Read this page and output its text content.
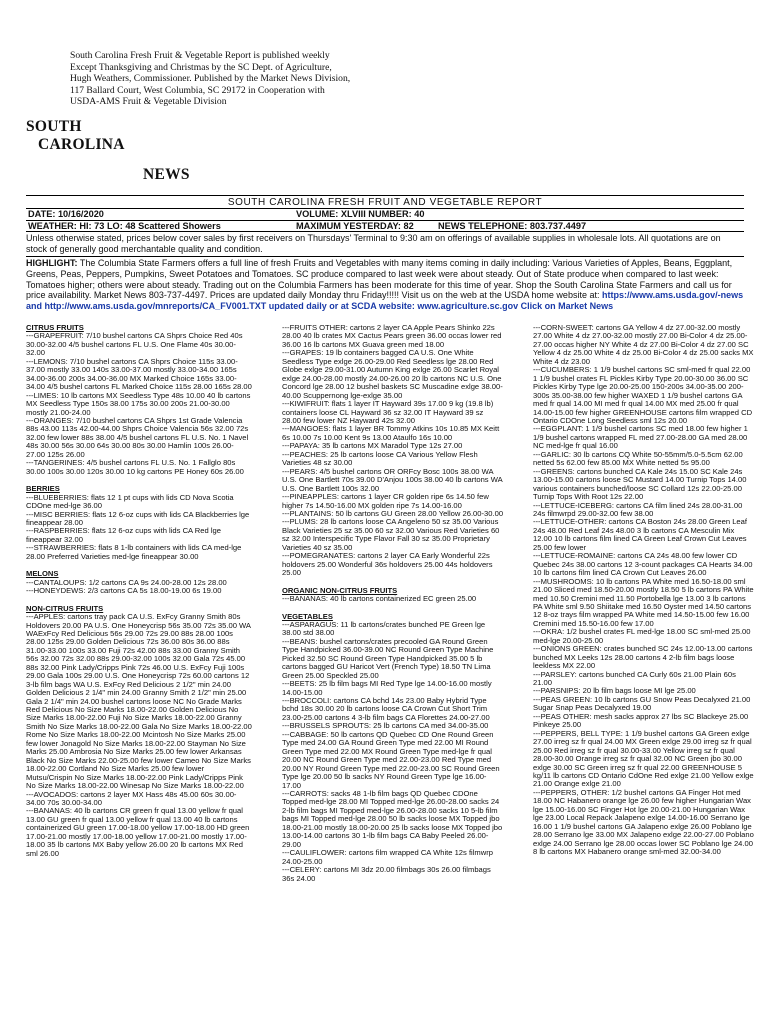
South Carolina Fresh Fruit & Vegetable Report is published weekly
Except Thanksgiving and Christmas by the SC Dept. of Agriculture,
Hugh Weathers, Commissioner. Published by the Market News Division,
117 Ballard Court, West Columbia, SC 29172 in Cooperation with
USDA-AMS Fruit & Vegetable Division
SOUTH
CAROLINA
NEWS
SOUTH CAROLINA FRESH FRUIT AND VEGETABLE REPORT
DATE: 10/16/2020	VOLUME: XLVIII NUMBER: 40
WEATHER: HI: 73 LO: 48 Scattered Showers	MAXIMUM YESTERDAY: 82	NEWS TELEPHONE: 803.737.4497
Unless otherwise stated, prices below cover sales by first receivers on Thursdays' Terminal to 9:30 am on offerings of available supplies in wholesale lots. All quotations are on stock of generally good merchantable quality and condition.
HIGHLIGHT: The Columbia State Farmers offers a full line of fresh Fruits and Vegetables with many items coming in daily including: Various Varieties of Apples, Beans, Eggplant, Greens, Peas, Peppers, Pumpkins, Sweet Potatoes and Tomatoes. SC produce compared to last week were about steady. Out of State produce when compared to last week: Tomatoes higher; others were about steady. Trading out on the Columbia Farmers has been moderate for this time of year. Shop the South Carolina State Farmers and call us for price availability. Market News 803-737-4497. Prices are updated daily Monday thru Friday!!!!! Visit us on the web at the USDA home website at: https://www.ams.usda.gov/-news and http://www.ams.usda.gov/mnreports/CA_FV001.TXT updated daily or at SCDA website: www.agriculture.sc.gov Click on Market News
CITRUS FRUITS
---GRAPEFRUIT: 7/10 bushel cartons CA Shprs Choice Red 40s 30.00-32.00 4/5 bushel cartons FL U.S. One Flame 40s 30.00-32.00
---LEMONS: 7/10 bushel cartons CA Shprs Choice 115s 33.00-37.00 mostly 33.00 140s 33.00-37.00 mostly 33.00-34.00 165s 34.00-36.00 200s 34.00-36.00 MX Marked Choice 165s 33.00-34.00 4/5 bushel cartons FL Marked Choice 115s 28.00 165s 28.00
---LIMES: 10 lb cartons MX Seedless Type 48s 10.00 40 lb cartons MX Seedless Type 150s 38.00 175s 30.00 200s 21.00-30.00 mostly 21.00-24.00
---ORANGES: 7/10 bushel cartons CA Shprs 1st Grade Valencia 88s 43.00 113s 42.00-44.00 Shprs Choice Valencia 56s 32.00 72s 32.00 few lower 88s 38.00 4/5 bushel cartons FL U.S. No. 1 Navel 48s 30.00 56s 30.00 64s 30.00 80s 30.00 Hamlin 100s 26.00-27.00 125s 26.00
---TANGERINES: 4/5 bushel cartons FL U.S. No. 1 Fallglo 80s 30.00 100s 30.00 120s 30.00 10 kg cartons PE Honey 60s 26.00
BERRIES
---BLUEBERRIES: flats 12 1 pt cups with lids CD Nova Scotia CDOne med-lge 36.00
---MISC BERRIES: flats 12 6-oz cups with lids CA Blackberries lge fineappear 28.00
---RASPBERRIES: flats 12 6-oz cups with lids CA Red lge fineappear 32.00
---STRAWBERRIES: flats 8 1-lb containers with lids CA med-lge 28.00 Preferred Varieties med-lge fineappear 30.00
MELONS
---CANTALOUPS: 1/2 cartons CA 9s 24.00-28.00 12s 28.00
---HONEYDEWS: 2/3 cartons CA 5s 18.00-19.00 6s 19.00
NON-CITRUS FRUITS
---APPLES: cartons tray pack CA U.S. ExFcy Granny Smith 80s Holdovers 20.00 PA U.S. One Honeycrisp 56s 35.00 72s 35.00 WA WAExFcy Red Delicious 56s 29.00 72s 29.00 88s 28.00 100s 28.00 125s 29.00 Golden Delicious 72s 36.00 80s 36.00 88s 31.00-33.00 100s 33.00 Fuji 72s 42.00 88s 33.00 Granny Smith 56s 32.00 72s 32.00 88s 29.00-32.00 100s 32.00 Gala 72s 45.00 88s 32.00 Pink Lady/Cripps Pink 72s 46.00 U.S. ExFcy Fuji 100s 29.00 Gala 100s 29.00 U.S. One Honeycrisp 72s 60.00 cartons 12 3-lb film bags WA U.S. ExFcy Red Delicious 2 1/2" min 24.00 Golden Delicious 2 1/4" min 24.00 Granny Smith 2 1/2" min 25.00 Gala 2 1/4" min 24.00 bushel cartons loose NC No Grade Marks Red Delicious No Size Marks 18.00-22.00 Golden Delicious No Size Marks 18.00-22.00 Fuji No Size Marks 18.00-22.00 Granny Smith No Size Marks 18.00-22.00 Gala No Size Marks 18.00-22.00 Rome No Size Marks 18.00-22.00 Mcintosh No Size Marks 25.00 few lower Jonagold No Size Marks 18.00-22.00 Stayman No Size Marks 25.00 Ambrosia No Size Marks 25.00 few lower Arkansas Black No Size Marks 22.00-25.00 few lower Cameo No Size Marks 18.00-22.00 Cortland No Size Marks 25.00 few lower Mutsu/Crispin No Size Marks 18.00-22.00 Pink Lady/Cripps Pink No Size Marks 18.00-22.00 Winesap No Size Marks 18.00-22.00
---AVOCADOS: cartons 2 layer MX Hass 48s 45.00 60s 30.00-34.00 70s 30.00-34.00
---BANANAS: 40 lb cartons CR green fr qual 13.00 yellow fr qual 13.00 GU green fr qual 13.00 yellow fr qual 13.00 40 lb cartons containerized GU green 17.00-18.00 yellow 17.00-18.00 HD green 17.00-21.00 mostly 17.00-18.00 yellow 17.00-21.00 mostly 17.00-18.00 35 lb cartons MX Baby yellow 26.00 20 lb cartons MX Red sml 26.00
---FRUITS OTHER: cartons 2 layer CA Apple Pears Shinko 22s 28.00 40 lb crates MX Cactus Pears green 36.00 occas lower red 36.00 16 lb cartons MX Guava green med 18.00
---GRAPES: 19 lb containers bagged CA U.S. One White Seedless Type exlge 26.00-29.00 Red Seedless lge 28.00 Red Globe exlge 29.00-31.00 Autumn King exlge 26.00 Scarlet Royal exlge 24.00-28.00 mostly 24.00-26.00 20 lb cartons NC U.S. One Concord lge 28.00 12 bushel baskets SC Muscadine exlge 38.00-40.00 Scuppernong lge-exlge 35.00
---KIWIFRUIT: flats 1 layer IT Hayward 39s 17.00 9 kg (19.8 lb) containers loose CL Hayward 36 sz 32.00 IT Hayward 39 sz 28.00 few lower NZ Hayward 42s 32.00
---MANGOES: flats 1 layer BR Tommy Atkins 10s 10.85 MX Keitt 6s 10.00 7s 10.00 Kent 9s 13.00 Ataulfo 16s 10.00
---PAPAYA: 35 lb cartons MX Maradol Type 12s 27.00
---PEACHES: 25 lb cartons loose CA Various Yellow Flesh Varieties 48 sz 30.00
---PEARS: 4/5 bushel cartons OR ORFcy Bosc 100s 38.00 WA U.S. One Bartlett 70s 39.00 D'Anjou 100s 38.00 40 lb cartons WA U.S. One Bartlett 100s 32.00
---PINEAPPLES: cartons 1 layer CR golden ripe 6s 14.50 few higher 7s 14.50-16.00 MX golden ripe 7s 14.00-16.00
---PLANTAINS: 50 lb cartons GU Green 28.00 Yellow 26.00-30.00
---PLUMS: 28 lb cartons loose CA Angeleno 50 sz 35.00 Various Black Varieties 25 sz 35.00 60 sz 32.00 Various Red Varieties 60 sz 32.00 Interspecific Type Flavor Fall 30 sz 35.00 Proprietary Varieties 40 sz 35.00
---POMEGRANATES: cartons 2 layer CA Early Wonderful 22s holdovers 25.00 Wonderful 36s holdovers 25.00 44s holdovers 25.00
ORGANIC NON-CITRUS FRUITS
---BANANAS: 40 lb cartons containerized EC green 25.00
VEGETABLES
---ASPARAGUS: 11 lb cartons/crates bunched PE Green lge 38.00 std 38.00
---BEANS: bushel cartons/crates precooled GA Round Green Type Handpicked 36.00-39.00 NC Round Green Type Machine Picked 32.50 SC Round Green Type Handpicked 35.00 5 lb cartons bagged GU Haricot Vert (French Type) 18.50 TN Lima Green 25.00 Speckled 25.00
---BEETS: 25 lb film bags MI Red Type lge 14.00-16.00 mostly 14.00-15.00
---BROCCOLI: cartons CA bchd 14s 23.00 Baby Hybrid Type bchd 18s 30.00 20 lb cartons loose CA Crown Cut Short Trim 23.00-25.00 cartons 4 3-lb film bags CA Florettes 24.00-27.00
---BRUSSELS SPROUTS: 25 lb cartons CA med 34.00-35.00
---CABBAGE: 50 lb cartons QD Quebec CD One Round Green Type med 24.00 GA Round Green Type med 22.00 MI Round Green Type med 22.00 MX Round Green Type med-lge fr qual 20.00 NC Round Green Type med 22.00-23.00 Red Type med 20.00 NY Round Green Type med 22.00-23.00 SC Round Green Type lge 20.00 50 lb sacks NY Round Green Type lge 16.00-17.00
---CARROTS: sacks 48 1-lb film bags QD Quebec CDOne Topped med-lge 28.00 MI Topped med-lge 26.00-28.00 sacks 24 2-lb film bags MI Topped med-lge 26.00-28.00 sacks 10 5-lb film bags MI Topped med-lge 28.00 50 lb sacks loose MX Topped jbo 18.00-21.00 mostly 18.00-20.00 25 lb sacks loose MX Topped jbo 13.00-14.00 cartons 30 1-lb film bags CA Baby Peeled 26.00-29.00
---CAULIFLOWER: cartons film wrapped CA White 12s filmwrp 24.00-25.00
---CELERY: cartons MI 3dz 20.00 filmbags 30s 26.00 filmbags 36s 24.00
---CORN-SWEET: cartons GA Yellow 4 dz 27.00-32.00 mostly 27.00 White 4 dz 27.00-32.00 mostly 27.00 Bi-Color 4 dz 25.00-27.00 occas higher NY White 4 dz 27.00 Bi-Color 4 dz 27.00 SC Yellow 4 dz 25.00 White 4 dz 25.00 Bi-Color 4 dz 25.00 sacks MX White 4 dz 23.00
---CUCUMBERS: 1 1/9 bushel cartons SC sml-med fr qual 22.00 1 1/9 bushel crates FL Pickles Kirby Type 20.00-30.00 36.00 SC Pickles Kirby Type lge 20.00-25.00 150-200s 34.00-35.00 200-300s 35.00-38.00 few higher WAXED 1 1/9 bushel cartons GA med fr qual 14.00 MI med fr qual 14.00 MX med 25.00 fr qual 14.00-15.00 few higher GREENHOUSE cartons film wrapped CD Ontario CDOne Long Seedless sml 12s 20.00
---EGGPLANT: 1 1/9 bushel cartons SC med 18.00 few higher 1 1/9 bushel cartons wrapped FL med 27.00-28.00 GA med 28.00 NC med-lge fr qual 16.00
---GARLIC: 30 lb cartons CQ White 50-55mm/5.0-5.5cm 62.00 netted 5s 62.00 few 85.00 MX White netted 5s 95.00
---GREENS: cartons bunched CA Kale 24s 15.00 SC Kale 24s 13.00-15.00 cartons loose SC Mustard 14.00 Turnip Tops 14.00 various containers bunched/loose SC Collard 12s 22.00-25.00 Turnip Tops With Root 12s 22.00
---LETTUCE-ICEBERG: cartons CA film lined 24s 28.00-31.00 24s filmwrpd 29.00-32.00 few 38.00
---LETTUCE-OTHER: cartons CA Boston 24s 28.00 Green Leaf 24s 48.00 Red Leaf 24s 48.00 3 lb cartons CA Mesculin Mix 12.00 10 lb cartons film lined CA Green Leaf Crown Cut Leaves 25.00 few lower
---LETTUCE-ROMAINE: cartons CA 24s 48.00 few lower CD Quebec 24s 38.00 cartons 12 3-count packages CA Hearts 34.00 10 lb cartons film lined CA Crown Cut Leaves 26.00
---MUSHROOMS: 10 lb cartons PA White med 16.50-18.00 sml 21.00 Sliced med 18.50-20.00 mostly 18.50 5 lb cartons PA White med 10.50 Cremini med 11.50 Portobella lge 13.00 3 lb cartons PA White sml 9.50 Shiitake med 16.50 Oyster med 14.50 cartons 12 8-oz trays film wrapped PA White med 14.50-15.00 few 16.00 Cremini med 15.50-16.00 few 17.00
---OKRA: 1/2 bushel crates FL med-lge 18.00 SC sml-med 25.00 med-lge 20.00-25.00
---ONIONS GREEN: crates bunched SC 24s 12.00-13.00 cartons bunched MX Leeks 12s 28.00 cartons 4 2-lb film bags loose leekless MX 22.00
---PARSLEY: cartons bunched CA Curly 60s 21.00 Plain 60s 21.00
---PARSNIPS: 20 lb film bags loose MI lge 25.00
---PEAS GREEN: 10 lb cartons GU Snow Peas Decalyxed 21.00 Sugar Snap Peas Decalyxed 19.00
---PEAS OTHER: mesh sacks approx 27 lbs SC Blackeye 25.00 Pinkeye 25.00
---PEPPERS, BELL TYPE: 1 1/9 bushel cartons GA Green exlge 27.00 irreg sz fr qual 24.00 MX Green exlge 29.00 irreg sz fr qual 25.00 Red irreg sz fr qual 30.00-33.00 Yellow irreg sz fr qual 28.00-30.00 Orange irreg sz fr qual 32.00 NC Green jbo 30.00 exlge 30.00 SC Green irreg sz fr qual 22.00 GREENHOUSE 5 kg/11 lb cartons CD Ontario CdOne Red exlge 21.00 Yellow exlge 21.00 Orange exlge 21.00
---PEPPERS, OTHER: 1/2 bushel cartons GA Finger Hot med 18.00 NC Habanero orange lge 26.00 few higher Hungarian Wax lge 15.00-16.00 SC Finger Hot lge 20.00-21.00 Hungarian Wax lge 23.00 Local Repack Jalapeno exlge 14.00-16.00 Serrano lge 16.00 1 1/9 bushel cartons GA Jalapeno exlge 26.00 Poblano lge 28.00 Serrano lge 33.00 MX Jalapeno exlge 22.00-27.00 Poblano exlge 24.00 Serrano lge 28.00 occas lower SC Poblano lge 24.00 8 lb cartons MX Habanero orange sml-med 32.00-34.00
